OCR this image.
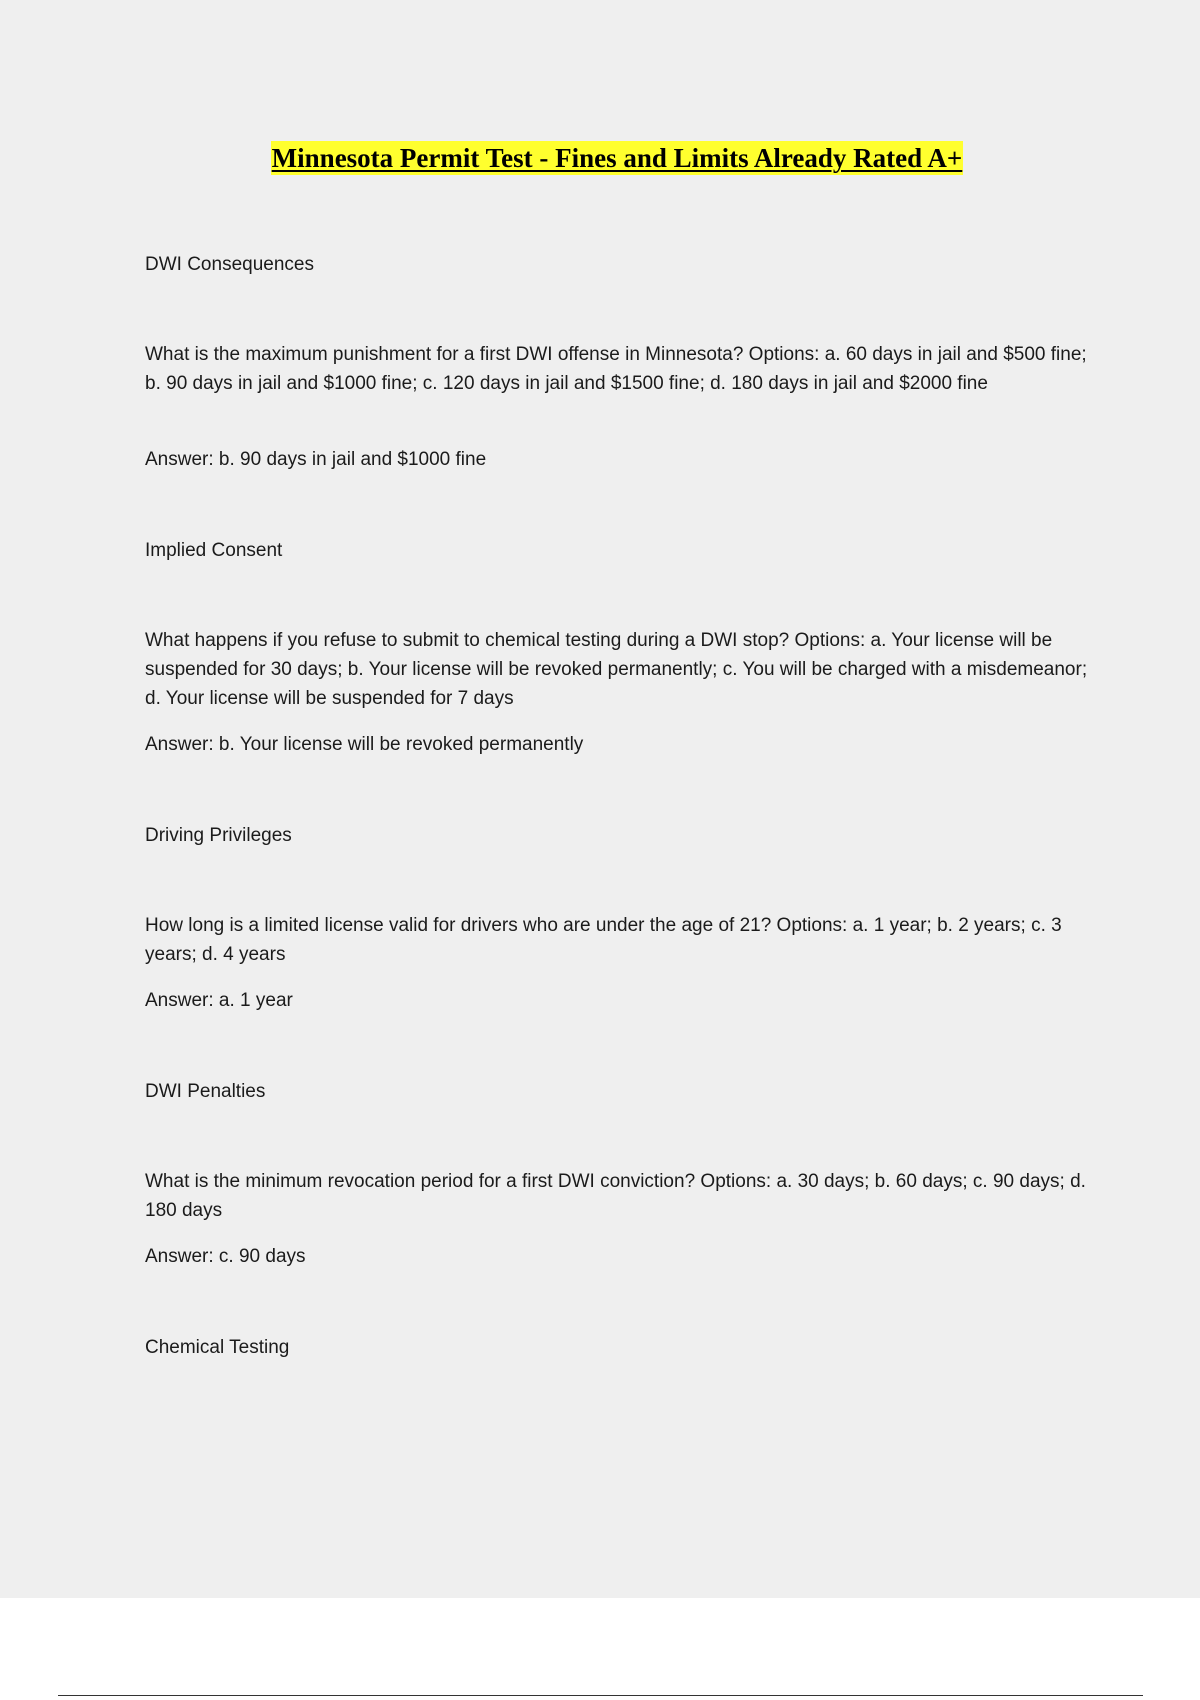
Minnesota Permit Test - Fines and Limits Already Rated A+

DWI Consequences

What is the maximum punishment for a first DWI offense in Minnesota? Options: a. 60 days in jail and $500 fine; b. 90 days in jail and $1000 fine; c. 120 days in jail and $1500 fine; d. 180 days in jail and $2000 fine

Answer: b. 90 days in jail and $1000 fine

Implied Consent

What happens if you refuse to submit to chemical testing during a DWI stop? Options: a. Your license will be suspended for 30 days; b. Your license will be revoked permanently; c. You will be charged with a misdemeanor; d. Your license will be suspended for 7 days

Answer: b. Your license will be revoked permanently

Driving Privileges

How long is a limited license valid for drivers who are under the age of 21? Options: a. 1 year; b. 2 years; c. 3 years; d. 4 years

Answer: a. 1 year

DWI Penalties

What is the minimum revocation period for a first DWI conviction? Options: a. 30 days; b. 60 days; c. 90 days; d. 180 days

Answer: c. 90 days

Chemical Testing
